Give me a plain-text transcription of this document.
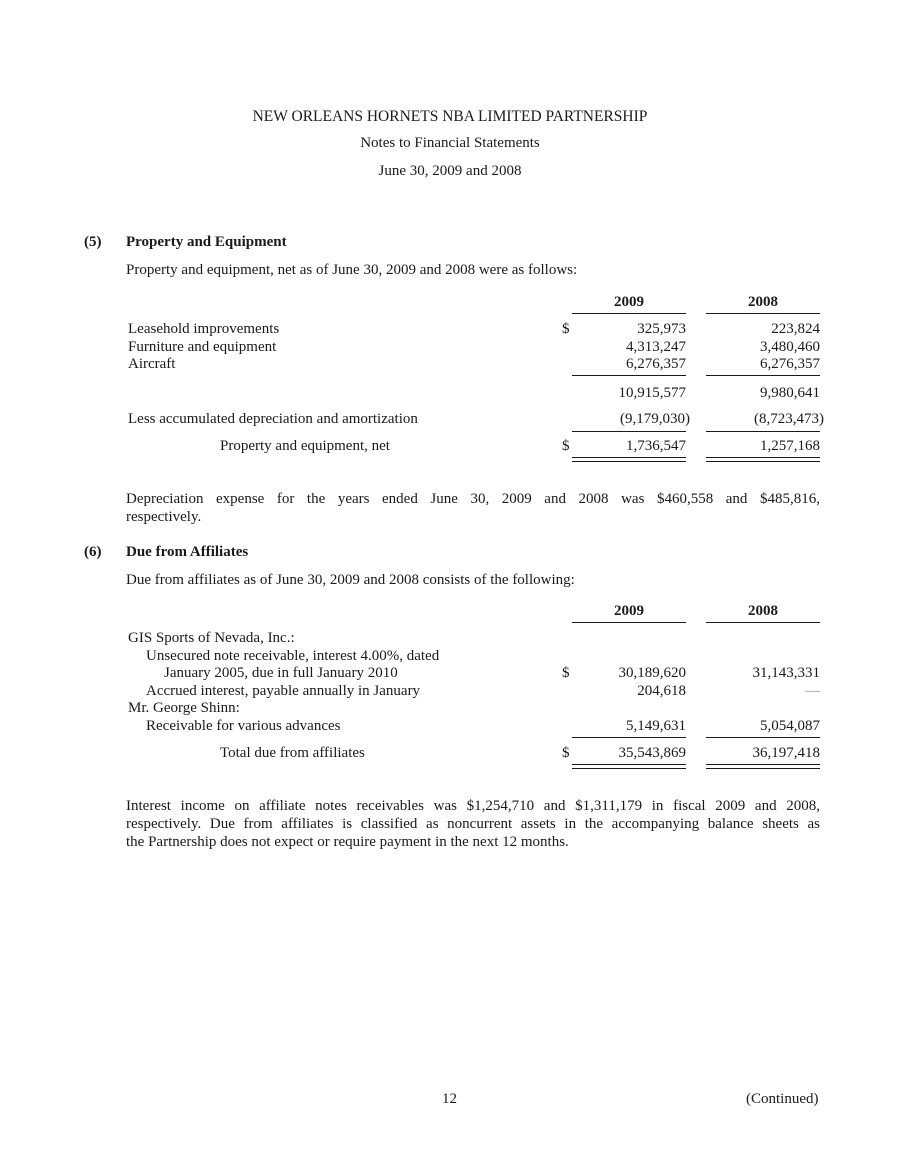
NEW ORLEANS HORNETS NBA LIMITED PARTNERSHIP
Notes to Financial Statements
June 30, 2009 and 2008
(5) Property and Equipment
Property and equipment, net as of June 30, 2009 and 2008 were as follows:
2009	2008
Leasehold improvements	$	325,973	223,824
Furniture and equipment	4,313,247	3,480,460
Aircraft	6,276,357	6,276,357
10,915,577	9,980,641
Less accumulated depreciation and amortization	(9,179,030)	(8,723,473)
Property and equipment, net	$	1,736,547	1,257,168
Depreciation expense for the years ended June 30, 2009 and 2008 was $460,558 and $485,816,
respectively.
(6) Due from Affiliates
Due from affiliates as of June 30, 2009 and 2008 consists of the following:
2009	2008
GIS Sports of Nevada, Inc.:
Unsecured note receivable, interest 4.00%, dated
January 2005, due in full January 2010	$	30,189,620	31,143,331
Accrued interest, payable annually in January	204,618	—
Mr. George Shinn:
Receivable for various advances	5,149,631	5,054,087
Total due from affiliates	$	35,543,869	36,197,418
Interest income on affiliate notes receivables was $1,254,710 and $1,311,179 in fiscal 2009 and 2008,
respectively. Due from affiliates is classified as noncurrent assets in the accompanying balance sheets as
the Partnership does not expect or require payment in the next 12 months.
12	(Continued)
